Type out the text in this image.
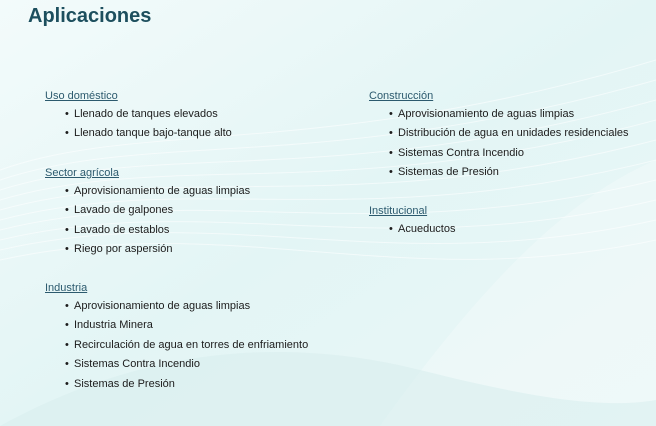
Aplicaciones
Uso doméstico
• Llenado de tanques elevados
• Llenado tanque bajo-tanque alto
Sector agrícola
• Aprovisionamiento de aguas limpias
• Lavado de galpones
• Lavado de establos
• Riego por aspersión
Industria
• Aprovisionamiento de aguas limpias
• Industria Minera
• Recirculación de agua en torres de enfriamiento
• Sistemas Contra Incendio
• Sistemas de Presión
Construcción
• Aprovisionamiento de aguas limpias
• Distribución de agua en unidades residenciales
• Sistemas Contra Incendio
• Sistemas de Presión
Institucional
• Acueductos
